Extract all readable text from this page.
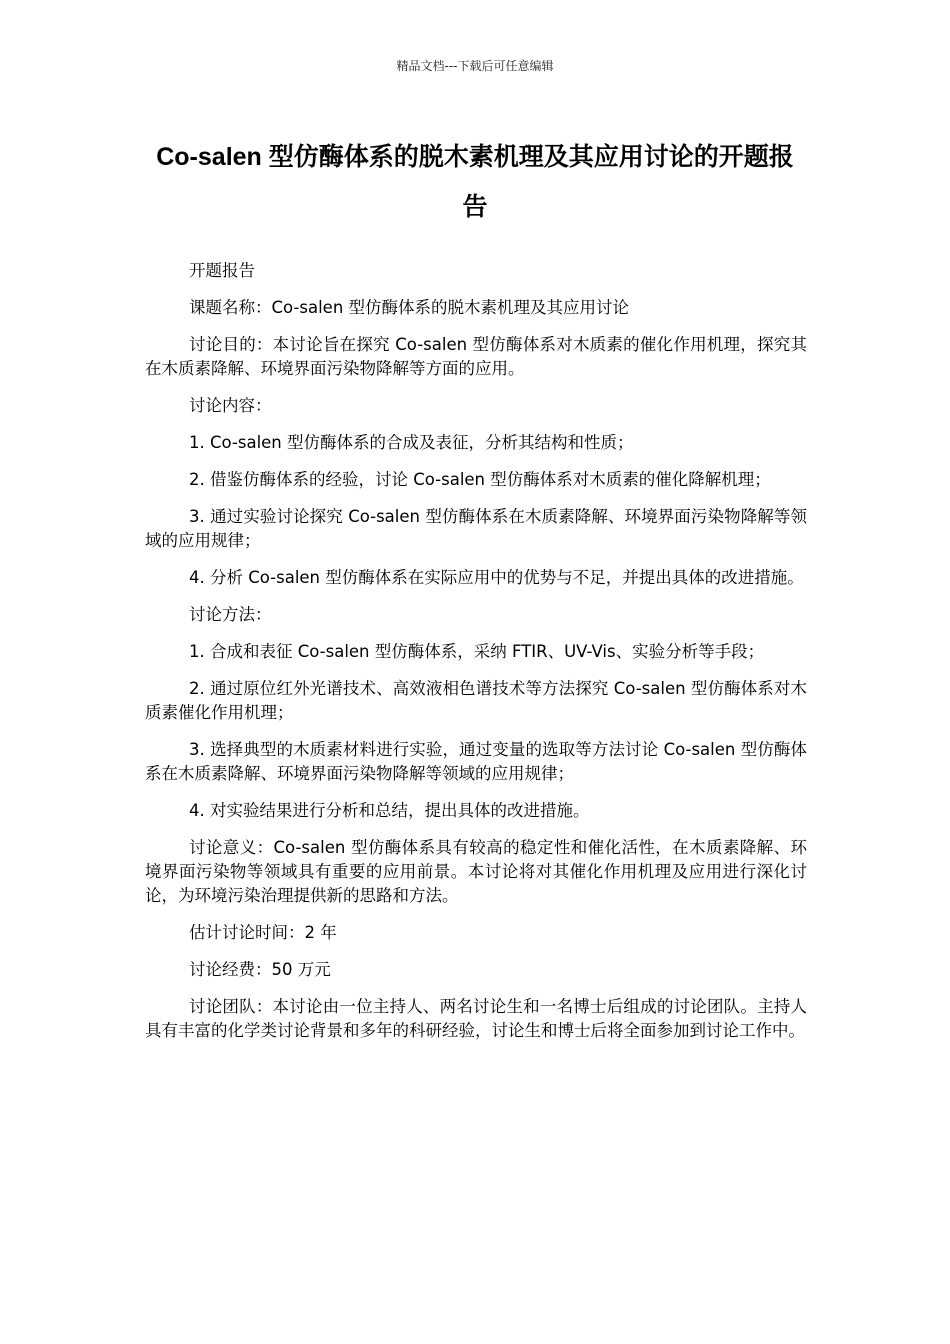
精品文档---下载后可任意编辑
Co-salen 型仿酶体系的脱木素机理及其应用讨论的开题报告

开题报告

课题名称：Co-salen 型仿酶体系的脱木素机理及其应用讨论

讨论目的：本讨论旨在探究 Co-salen 型仿酶体系对木质素的催化作用机理，探究其在木质素降解、环境界面污染物降解等方面的应用。

讨论内容：

1. Co-salen 型仿酶体系的合成及表征，分析其结构和性质；

2. 借鉴仿酶体系的经验，讨论 Co-salen 型仿酶体系对木质素的催化降解机理；

3. 通过实验讨论探究 Co-salen 型仿酶体系在木质素降解、环境界面污染物降解等领域的应用规律；

4. 分析 Co-salen 型仿酶体系在实际应用中的优势与不足，并提出具体的改进措施。

讨论方法：

1. 合成和表征 Co-salen 型仿酶体系，采纳 FTIR、UV-Vis、实验分析等手段；

2. 通过原位红外光谱技术、高效液相色谱技术等方法探究 Co-salen 型仿酶体系对木质素催化作用机理；

3. 选择典型的木质素材料进行实验，通过变量的选取等方法讨论 Co-salen 型仿酶体系在木质素降解、环境界面污染物降解等领域的应用规律；

4. 对实验结果进行分析和总结，提出具体的改进措施。

讨论意义：Co-salen 型仿酶体系具有较高的稳定性和催化活性，在木质素降解、环境界面污染物等领域具有重要的应用前景。本讨论将对其催化作用机理及应用进行深化讨论，为环境污染治理提供新的思路和方法。

估计讨论时间：2 年

讨论经费：50 万元

讨论团队：本讨论由一位主持人、两名讨论生和一名博士后组成的讨论团队。主持人具有丰富的化学类讨论背景和多年的科研经验，讨论生和博士后将全面参加到讨论工作中。
